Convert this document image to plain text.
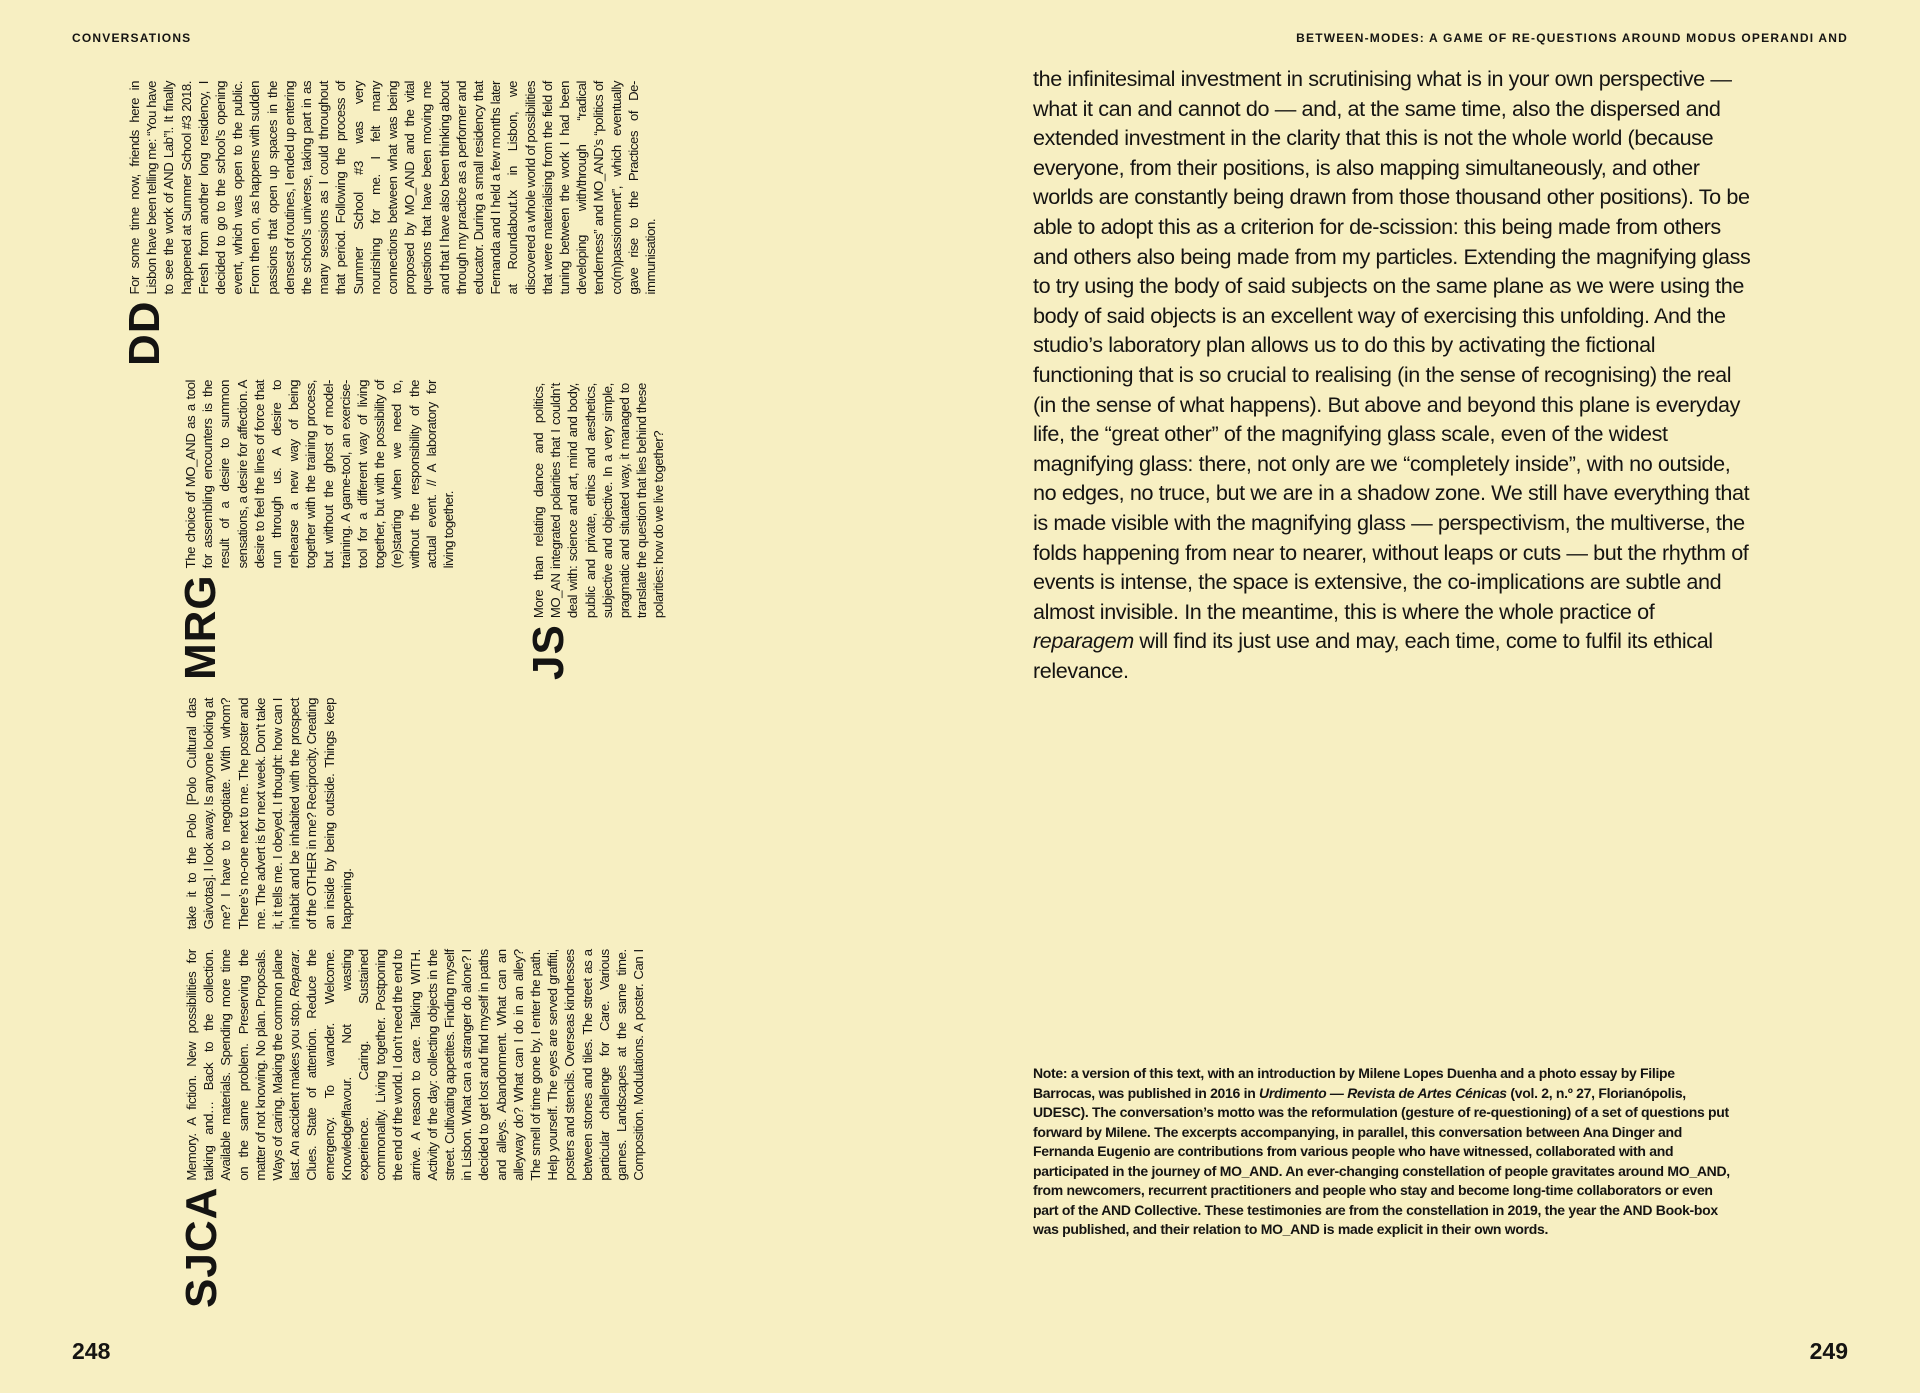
CONVERSATIONS
DD
For some time now, friends here in Lisbon have been telling me: “You have to see the work of AND Lab”!. It finally happened at Summer School #3 2018. Fresh from another long residency, I decided to go to the school’s opening event, which was open to the public. From then on, as happens with sudden passions that open up spaces in the densest of routines, I ended up entering the school’s universe, taking part in as many sessions as I could throughout that period. Following the process of Summer School #3 was very nourishing for me. I felt many connections between what was being proposed by MO_AND and the vital questions that have been moving me and that I have also been thinking about through my practice as a performer and educator. During a small residency that Fernanda and I held a few months later at Roundabout.lx in Lisbon, we discovered a whole world of possibilities that were materialising from the field of tuning between the work I had been developing with/through “radical tenderness” and MO_AND’s “politics of co(m)passionment”, which eventually gave rise to the Practices of De-immunisation.
MRG
The choice of MO_AND as a tool for assembling encounters is the result of a desire to summon sensations, a desire for affection. A desire to feel the lines of force that run through us. A desire to rehearse a new way of being together with the training process, but without the ghost of model-training. A game-tool, an exercise-tool for a different way of living together, but with the possibility of (re)starting when we need to, without the responsibility of the actual event. // A laboratory for living together.
JS
More than relating dance and politics, MO_AN integrated polarities that I couldn’t deal with: science and art, mind and body, public and private, ethics and aesthetics, subjective and objective. In a very simple, pragmatic and situated way, it managed to translate the question that lies behind these polarities: how do we live together?
SJCA
Memory. A fiction. New possibilities for talking and… Back to the collection. Available materials. Spending more time on the same problem. Preserving the matter of not knowing. No plan. Proposals. Ways of caring. Making the common plane last. An accident makes you stop. Reparar. Clues. State of attention. Reduce the emergency. To wander. Welcome. Knowledge/flavour. Not wasting experience. Caring. Sustained commonality. Living together. Postponing the end of the world. I don’t need the end to arrive. A reason to care. Talking WITH. Activity of the day: collecting objects in the street. Cultivating appetites. Finding myself in Lisbon. What can a stranger do alone? I decided to get lost and find myself in paths and alleys. Abandonment. What can an alleyway do? What can I do in an alley? The smell of time gone by. I enter the path. Help yourself. The eyes are served graffiti, posters and stencils. Overseas kindnesses between stones and tiles. The street as a particular challenge for Care. Various games. Landscapes at the same time. Composition. Modulations. A poster. Can I take it to the Polo [Polo Cultural das Gaivotas]. I look away. Is anyone looking at me? I have to negotiate. With whom? There’s no-one next to me. The poster and me. The advert is for next week. Don’t take it, it tells me. I obeyed. I thought: how can I inhabit and be inhabited with the prospect of the OTHER in me? Reciprocity. Creating an inside by being outside. Things keep happening.
248
BETWEEN-MODES: A GAME OF RE-QUESTIONS AROUND MODUS OPERANDI AND

the infinitesimal investment in scrutinising what is in your own perspective — what it can and cannot do — and, at the same time, also the dispersed and extended investment in the clarity that this is not the whole world (because everyone, from their positions, is also mapping simultaneously, and other worlds are constantly being drawn from those thousand other positions). To be able to adopt this as a criterion for de-scission: this being made from others and others also being made from my particles. Extending the magnifying glass to try using the body of said subjects on the same plane as we were using the body of said objects is an excellent way of exercising this unfolding. And the studio’s laboratory plan allows us to do this by activating the fictional functioning that is so crucial to realising (in the sense of recognising) the real (in the sense of what happens). But above and beyond this plane is everyday life, the “great other” of the magnifying glass scale, even of the widest magnifying glass: there, not only are we “completely inside”, with no outside, no edges, no truce, but we are in a shadow zone. We still have everything that is made visible with the magnifying glass — perspectivism, the multiverse, the folds happening from near to nearer, without leaps or cuts — but the rhythm of events is intense, the space is extensive, the co-implications are subtle and almost invisible. In the meantime, this is where the whole practice of reparagem will find its just use and may, each time, come to fulfil its ethical relevance.

Note: a version of this text, with an introduction by Milene Lopes Duenha and a photo essay by Filipe Barrocas, was published in 2016 in Urdimento — Revista de Artes Cénicas (vol. 2, n.º 27, Florianópolis, UDESC). The conversation’s motto was the reformulation (gesture of re-questioning) of a set of questions put forward by Milene. The excerpts accompanying, in parallel, this conversation between Ana Dinger and Fernanda Eugenio are contributions from various people who have witnessed, collaborated with and participated in the journey of MO_AND. An ever-changing constellation of people gravitates around MO_AND, from newcomers, recurrent practitioners and people who stay and become long-time collaborators or even part of the AND Collective. These testimonies are from the constellation in 2019, the year the AND Book-box was published, and their relation to MO_AND is made explicit in their own words.

249
